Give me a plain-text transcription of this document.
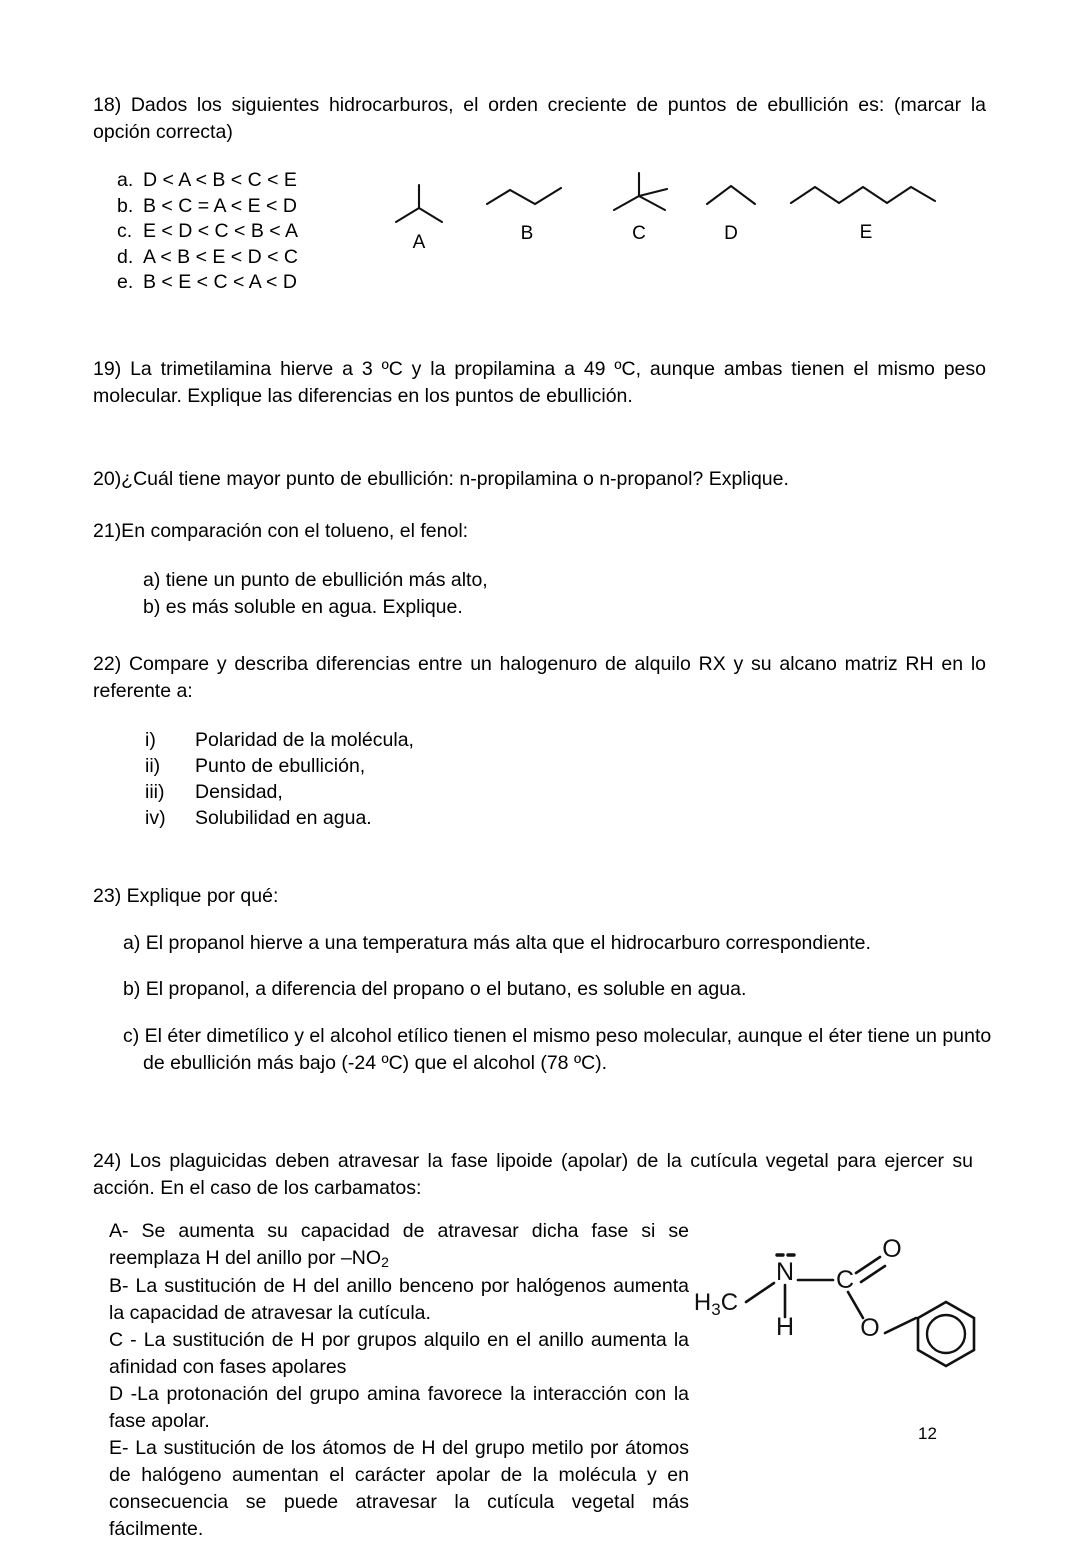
18) Dados los siguientes hidrocarburos, el orden creciente de puntos de ebullición es: (marcar la opción correcta)
a. D < A < B < C < E
b. B < C = A < E < D
c. E < D < C < B < A
d. A < B < E < D < C
e. B < E < C < A < D
A	B	C	D	E
19) La trimetilamina hierve a 3 ºC y la propilamina a 49 ºC, aunque ambas tienen el mismo peso molecular. Explique las diferencias en los puntos de ebullición.
20)¿Cuál tiene mayor punto de ebullición: n-propilamina o n-propanol? Explique.
21)En comparación con el tolueno, el fenol:
a) tiene un punto de ebullición más alto,
b) es más soluble en agua. Explique.
22) Compare y describa diferencias entre un halogenuro de alquilo RX y su alcano matriz RH en lo referente a:
i) Polaridad de la molécula,
ii) Punto de ebullición,
iii) Densidad,
iv) Solubilidad en agua.
23) Explique por qué:

a) El propanol hierve a una temperatura más alta que el hidrocarburo correspondiente.

b) El propanol, a diferencia del propano o el butano, es soluble en agua.

c) El éter dimetílico y el alcohol etílico tienen el mismo peso molecular, aunque el éter tiene un punto de ebullición más bajo (-24 ºC) que el alcohol (78 ºC).

24) Los plaguicidas deben atravesar la fase lipoide (apolar) de la cutícula vegetal para ejercer su acción. En el caso de los carbamatos:

A- Se aumenta su capacidad de atravesar dicha fase si se reemplaza H del anillo por $-NO_2$

B- La sustitución de H del anillo benceno por halógenos aumenta la capacidad de atravesar la cutícula.

C - La sustitución de H por grupos alquilo en el anillo aumenta la afinidad con fases apolares

D -La protonación del grupo amina favorece la interacción con la fase apolar.

E- La sustitución de los átomos de H del grupo metilo por átomos de halógeno aumentan el carácter apolar de la molécula y en consecuencia se puede atravesar la cutícula vegetal más fácilmente.

$H_3C$
N
H
C
O
O
12
